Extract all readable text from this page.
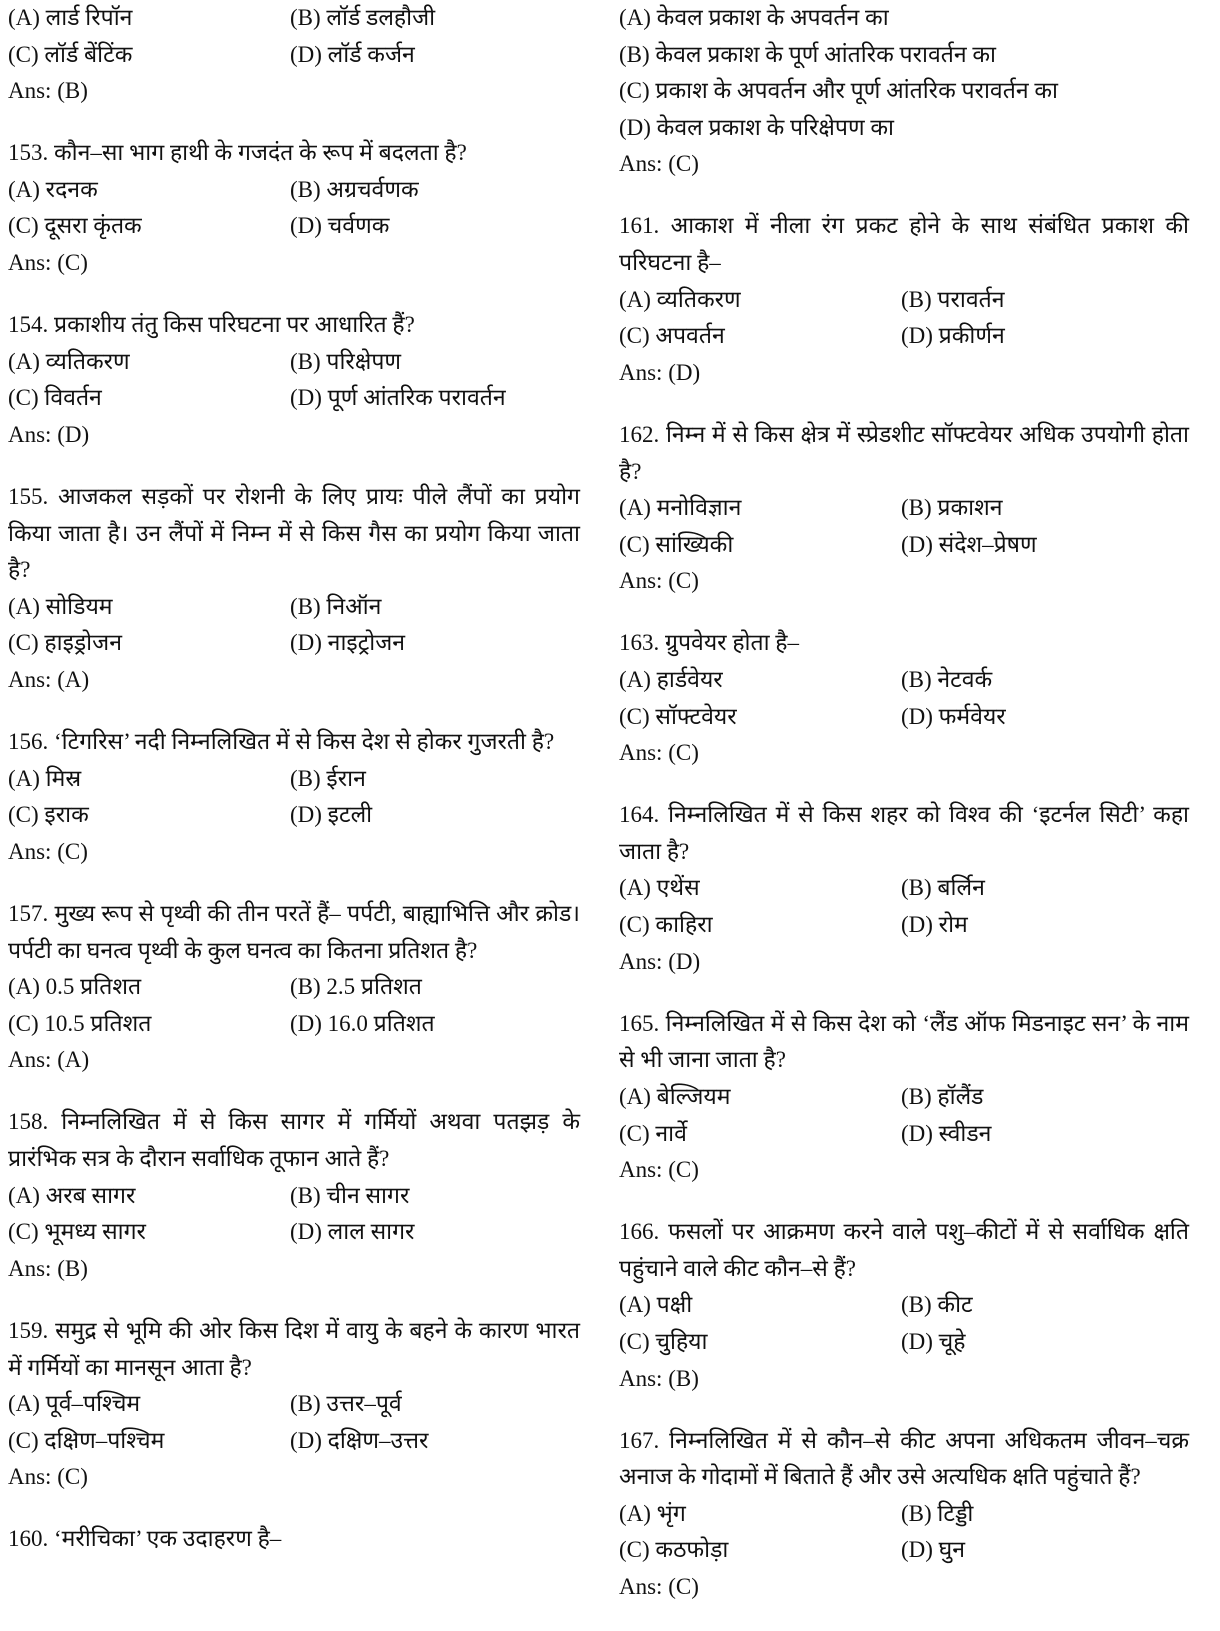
(A) लार्ड रिपॉन	(B) लॉर्ड डलहौजी
(C) लॉर्ड बेंटिंक	(D) लॉर्ड कर्जन
Ans: (B)
153. कौन–सा भाग हाथी के गजदंत के रूप में बदलता है?
(A) रदनक	(B) अग्रचर्वणक
(C) दूसरा कृंतक	(D) चर्वणक
Ans: (C)
154. प्रकाशीय तंतु किस परिघटना पर आधारित हैं?
(A) व्यतिकरण	(B) परिक्षेपण
(C) विवर्तन	(D) पूर्ण आंतरिक परावर्तन
Ans: (D)
155. आजकल सड़कों पर रोशनी के लिए प्रायः पीले लैंपों का प्रयोग किया जाता है। उन लैंपों में निम्न में से किस गैस का प्रयोग किया जाता है?
(A) सोडियम	(B) निऑन
(C) हाइड्रोजन	(D) नाइट्रोजन
Ans: (A)
156. ‘टिगरिस’ नदी निम्नलिखित में से किस देश से होकर गुजरती है?
(A) मिस्र	(B) ईरान
(C) इराक	(D) इटली
Ans: (C)
157. मुख्य रूप से पृथ्वी की तीन परतें हैं– पर्पटी, बाह्याभित्ति और क्रोड। पर्पटी का घनत्व पृथ्वी के कुल घनत्व का कितना प्रतिशत है?
(A) 0.5 प्रतिशत	(B) 2.5 प्रतिशत
(C) 10.5 प्रतिशत	(D) 16.0 प्रतिशत
Ans: (A)
158. निम्नलिखित में से किस सागर में गर्मियों अथवा पतझड़ के प्रारंभिक सत्र के दौरान सर्वाधिक तूफान आते हैं?
(A) अरब सागर	(B) चीन सागर
(C) भूमध्य सागर	(D) लाल सागर
Ans: (B)
159. समुद्र से भूमि की ओर किस दिश में वायु के बहने के कारण भारत में गर्मियों का मानसून आता है?
(A) पूर्व–पश्चिम	(B) उत्तर–पूर्व
(C) दक्षिण–पश्चिम	(D) दक्षिण–उत्तर
Ans: (C)
160. ‘मरीचिका’ एक उदाहरण है–
(A) केवल प्रकाश के अपवर्तन का
(B) केवल प्रकाश के पूर्ण आंतरिक परावर्तन का
(C) प्रकाश के अपवर्तन और पूर्ण आंतरिक परावर्तन का
(D) केवल प्रकाश के परिक्षेपण का
Ans: (C)
161. आकाश में नीला रंग प्रकट होने के साथ संबंधित प्रकाश की परिघटना है–
(A) व्यतिकरण	(B) परावर्तन
(C) अपवर्तन	(D) प्रकीर्णन
Ans: (D)
162. निम्न में से किस क्षेत्र में स्प्रेडशीट सॉफ्टवेयर अधिक उपयोगी होता है?
(A) मनोविज्ञान	(B) प्रकाशन
(C) सांख्यिकी	(D) संदेश–प्रेषण
Ans: (C)
163. ग्रुपवेयर होता है–
(A) हार्डवेयर	(B) नेटवर्क
(C) सॉफ्टवेयर	(D) फर्मवेयर
Ans: (C)
164. निम्नलिखित में से किस शहर को विश्व की ‘इटर्नल सिटी’ कहा जाता है?
(A) एथेंस	(B) बर्लिन
(C) काहिरा	(D) रोम
Ans: (D)
165. निम्नलिखित में से किस देश को ‘लैंड ऑफ मिडनाइट सन’ के नाम से भी जाना जाता है?
(A) बेल्जियम	(B) हॉलैंड
(C) नार्वे	(D) स्वीडन
Ans: (C)
166. फसलों पर आक्रमण करने वाले पशु–कीटों में से सर्वाधिक क्षति पहुंचाने वाले कीट कौन–से हैं?
(A) पक्षी	(B) कीट
(C) चुहिया	(D) चूहे
Ans: (B)
167. निम्नलिखित में से कौन–से कीट अपना अधिकतम जीवन–चक्र अनाज के गोदामों में बिताते हैं और उसे अत्यधिक क्षति पहुंचाते हैं?
(A) भृंग	(B) टिड्डी
(C) कठफोड़ा	(D) घुन
Ans: (C)
